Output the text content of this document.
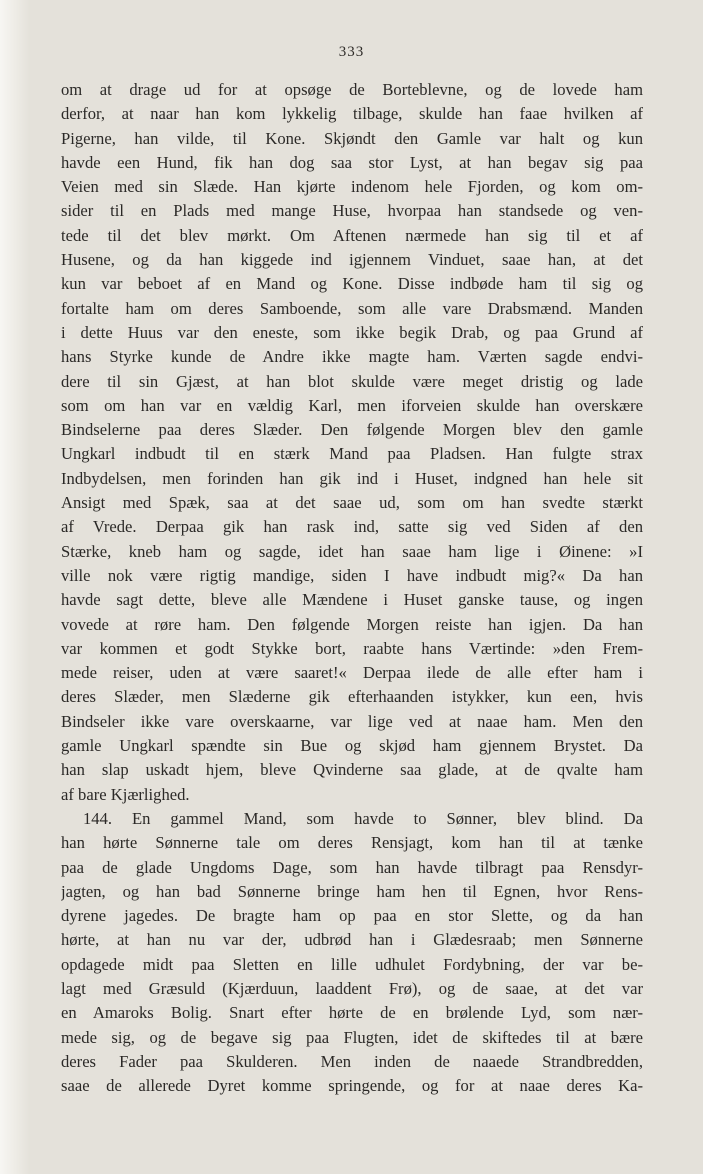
333
om at drage ud for at opsøge de Borteblevne, og de lovede ham
derfor, at naar han kom lykkelig tilbage, skulde han faae hvilken af
Pigerne, han vilde, til Kone. Skjøndt den Gamle var halt og kun
havde een Hund, fik han dog saa stor Lyst, at han begav sig paa
Veien med sin Slæde. Han kjørte indenom hele Fjorden, og kom om-
sider til en Plads med mange Huse, hvorpaa han standsede og ven-
tede til det blev mørkt. Om Aftenen nærmede han sig til et af
Husene, og da han kiggede ind igjennem Vinduet, saae han, at det
kun var beboet af en Mand og Kone. Disse indbøde ham til sig og
fortalte ham om deres Samboende, som alle vare Drabsmænd. Manden
i dette Huus var den eneste, som ikke begik Drab, og paa Grund af
hans Styrke kunde de Andre ikke magte ham. Værten sagde endvi-
dere til sin Gjæst, at han blot skulde være meget dristig og lade
som om han var en vældig Karl, men iforveien skulde han overskære
Bindselerne paa deres Slæder. Den følgende Morgen blev den gamle
Ungkarl indbudt til en stærk Mand paa Pladsen. Han fulgte strax
Indbydelsen, men forinden han gik ind i Huset, indgned han hele sit
Ansigt med Spæk, saa at det saae ud, som om han svedte stærkt
af Vrede. Derpaa gik han rask ind, satte sig ved Siden af den
Stærke, kneb ham og sagde, idet han saae ham lige i Øinene: »I
ville nok være rigtig mandige, siden I have indbudt mig?« Da han
havde sagt dette, bleve alle Mændene i Huset ganske tause, og ingen
vovede at røre ham. Den følgende Morgen reiste han igjen. Da han
var kommen et godt Stykke bort, raabte hans Værtinde: »den Frem-
mede reiser, uden at være saaret!« Derpaa ilede de alle efter ham i
deres Slæder, men Slæderne gik efterhaanden istykker, kun een, hvis
Bindseler ikke vare overskaarne, var lige ved at naae ham. Men den
gamle Ungkarl spændte sin Bue og skjød ham gjennem Brystet. Da
han slap uskadt hjem, bleve Qvinderne saa glade, at de qvalte ham
af bare Kjærlighed.
144. En gammel Mand, som havde to Sønner, blev blind. Da
han hørte Sønnerne tale om deres Rensjagt, kom han til at tænke
paa de glade Ungdoms Dage, som han havde tilbragt paa Rensdyr-
jagten, og han bad Sønnerne bringe ham hen til Egnen, hvor Rens-
dyrene jagedes. De bragte ham op paa en stor Slette, og da han
hørte, at han nu var der, udbrød han i Glædesraab; men Sønnerne
opdagede midt paa Sletten en lille udhulet Fordybning, der var be-
lagt med Græsuld (Kjærduun, laaddent Frø), og de saae, at det var
en Amaroks Bolig. Snart efter hørte de en brølende Lyd, som nær-
mede sig, og de begave sig paa Flugten, idet de skiftedes til at bære
deres Fader paa Skulderen. Men inden de naaede Strandbredden,
saae de allerede Dyret komme springende, og for at naae deres Ka-
